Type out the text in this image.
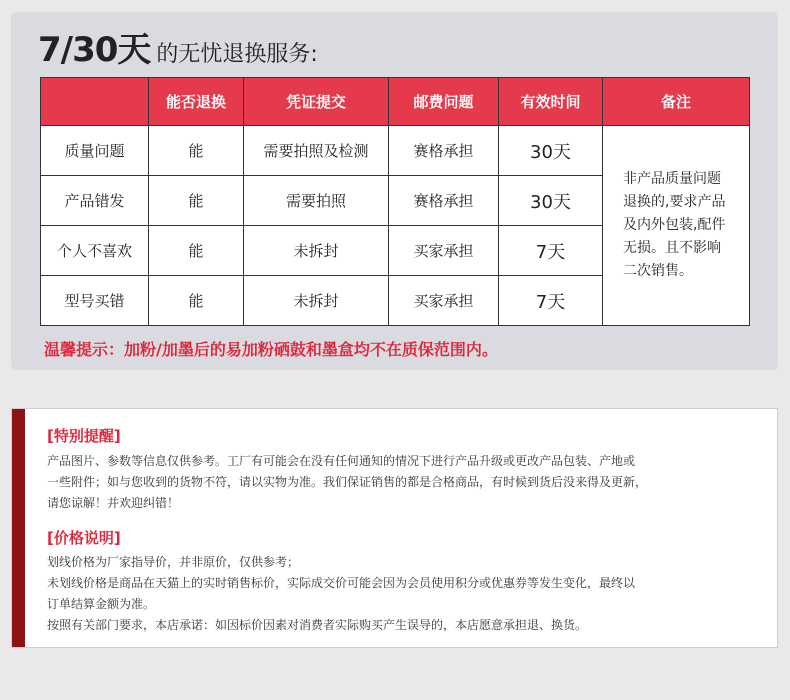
7/30天 的无忧退换服务:
	能否退换	凭证提交	邮费问题	有效时间	备注
质量问题	能	需要拍照及检测	赛格承担	30天	非产品质量问题
退换的,要求产品
及内外包装,配件
无损。且不影响
二次销售。

产品错发	能	需要拍照	赛格承担	30天	
个人不喜欢	能	未拆封	买家承担	7天	
型号买错	能	未拆封	买家承担	7天	
温馨提示：加粉/加墨后的易加粉硒鼓和墨盒均不在质保范围内。
[特别提醒]
产品图片、参数等信息仅供参考。工厂有可能会在没有任何通知的情况下进行产品升级或更改产品包装、产地或
一些附件；如与您收到的货物不符，请以实物为准。我们保证销售的都是合格商品，有时候到货后没来得及更新，
请您谅解！并欢迎纠错！
[价格说明]
划线价格为厂家指导价，并非原价，仅供参考；
未划线价格是商品在天猫上的实时销售标价，实际成交价可能会因为会员使用积分或优惠券等发生变化，最终以
订单结算金额为准。
按照有关部门要求，本店承诺：如因标价因素对消费者实际购买产生误导的，本店愿意承担退、换货。
